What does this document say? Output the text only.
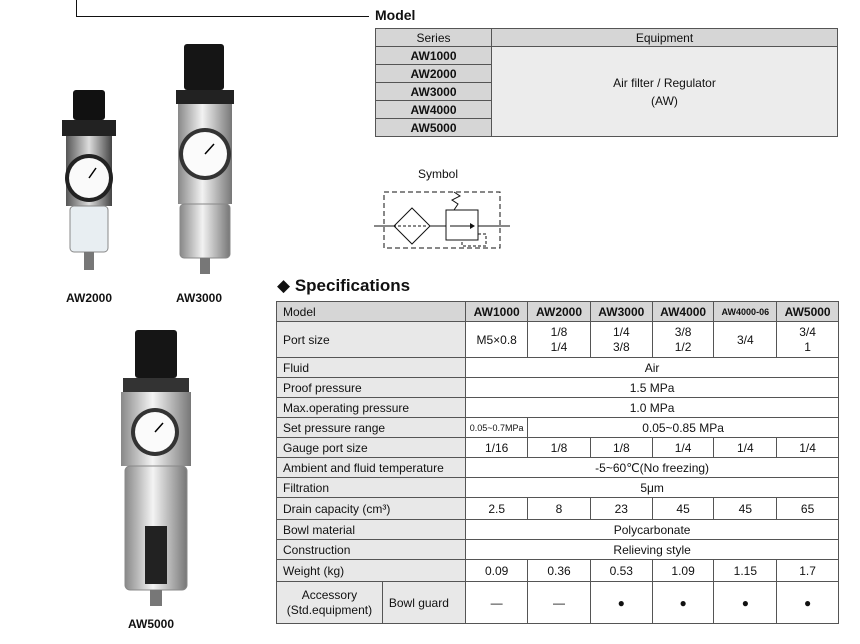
Model
Series	Equipment
AW1000	Air filter / Regulator
(AW)

AW2000	
AW3000	
AW4000	
AW5000	
Symbol
AW2000	AW3000
AW5000
◆ Specifications
Model		AW1000	AW2000	AW3000	AW4000	AW4000-06	AW5000
Port size		M5×0.8	1/8 1/4	1/4 3/8	3/8 1/2	3/4	3/4 1
Fluid		Air					
Proof pressure		1.5 MPa					
Max.operating pressure		1.0 MPa					
Set pressure range		0.05~0.7MPa	0.05~0.85 MPa				
Gauge port size		1/16	1/8	1/8	1/4	1/4	1/4
Ambient and fluid temperature		-5~60℃(No freezing)					
Filtration		5μm					
Drain capacity (cm³)		2.5	8	23	45	45	65
Bowl material		Polycarbonate					
Construction		Relieving style					
Weight (kg)		0.09	0.36	0.53	1.09	1.15	1.7
Accessory (Std.equipment)	Bowl guard	—	—	●	●	●	●
